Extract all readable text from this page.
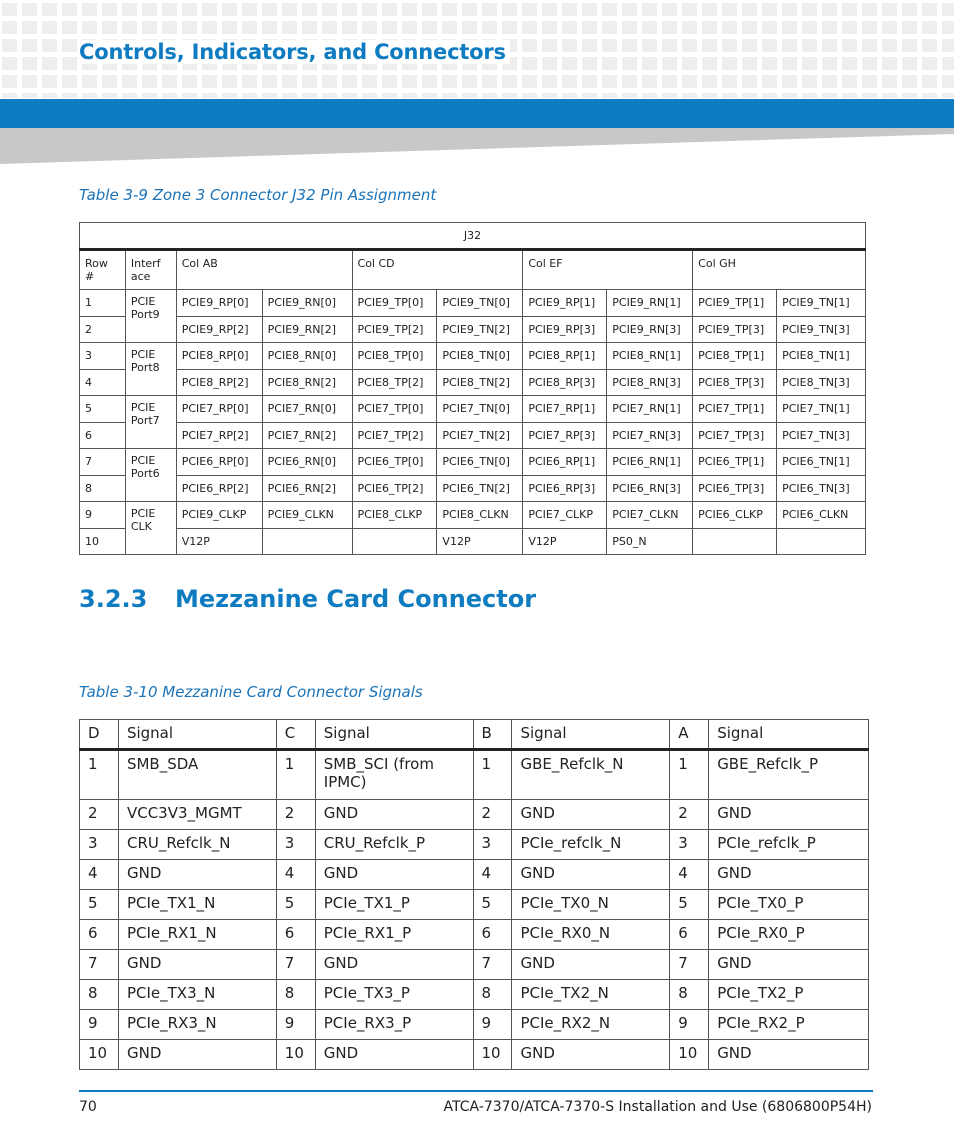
Controls, Indicators, and Connectors
Table 3-9 Zone 3 Connector J32 Pin Assignment
J32									
Row #	Interf ace	Col AB		Col CD		Col EF		Col GH	
1	PCIE Port9	PCIE9_RP[0]	PCIE9_RN[0]	PCIE9_TP[0]	PCIE9_TN[0]	PCIE9_RP[1]	PCIE9_RN[1]	PCIE9_TP[1]	PCIE9_TN[1]
2		PCIE9_RP[2]	PCIE9_RN[2]	PCIE9_TP[2]	PCIE9_TN[2]	PCIE9_RP[3]	PCIE9_RN[3]	PCIE9_TP[3]	PCIE9_TN[3]
3	PCIE Port8	PCIE8_RP[0]	PCIE8_RN[0]	PCIE8_TP[0]	PCIE8_TN[0]	PCIE8_RP[1]	PCIE8_RN[1]	PCIE8_TP[1]	PCIE8_TN[1]
4		PCIE8_RP[2]	PCIE8_RN[2]	PCIE8_TP[2]	PCIE8_TN[2]	PCIE8_RP[3]	PCIE8_RN[3]	PCIE8_TP[3]	PCIE8_TN[3]
5	PCIE Port7	PCIE7_RP[0]	PCIE7_RN[0]	PCIE7_TP[0]	PCIE7_TN[0]	PCIE7_RP[1]	PCIE7_RN[1]	PCIE7_TP[1]	PCIE7_TN[1]
6		PCIE7_RP[2]	PCIE7_RN[2]	PCIE7_TP[2]	PCIE7_TN[2]	PCIE7_RP[3]	PCIE7_RN[3]	PCIE7_TP[3]	PCIE7_TN[3]
7	PCIE Port6	PCIE6_RP[0]	PCIE6_RN[0]	PCIE6_TP[0]	PCIE6_TN[0]	PCIE6_RP[1]	PCIE6_RN[1]	PCIE6_TP[1]	PCIE6_TN[1]
8		PCIE6_RP[2]	PCIE6_RN[2]	PCIE6_TP[2]	PCIE6_TN[2]	PCIE6_RP[3]	PCIE6_RN[3]	PCIE6_TP[3]	PCIE6_TN[3]
9	PCIE CLK	PCIE9_CLKP	PCIE9_CLKN	PCIE8_CLKP	PCIE8_CLKN	PCIE7_CLKP	PCIE7_CLKN	PCIE6_CLKP	PCIE6_CLKN
10		V12P			V12P	V12P	PS0_N		
3.2.3 Mezzanine Card Connector
Table 3-10 Mezzanine Card Connector Signals
D	Signal	C	Signal	B	Signal	A	Signal
1	SMB_SDA	1	SMB_SCI (from IPMC)	1	GBE_Refclk_N	1	GBE_Refclk_P
2	VCC3V3_MGMT	2	GND	2	GND	2	GND
3	CRU_Refclk_N	3	CRU_Refclk_P	3	PCIe_refclk_N	3	PCIe_refclk_P
4	GND	4	GND	4	GND	4	GND
5	PCIe_TX1_N	5	PCIe_TX1_P	5	PCIe_TX0_N	5	PCIe_TX0_P
6	PCIe_RX1_N	6	PCIe_RX1_P	6	PCIe_RX0_N	6	PCIe_RX0_P
7	GND	7	GND	7	GND	7	GND
8	PCIe_TX3_N	8	PCIe_TX3_P	8	PCIe_TX2_N	8	PCIe_TX2_P
9	PCIe_RX3_N	9	PCIe_RX3_P	9	PCIe_RX2_N	9	PCIe_RX2_P
10	GND	10	GND	10	GND	10	GND
70	ATCA-7370/ATCA-7370-S Installation and Use (6806800P54H)
